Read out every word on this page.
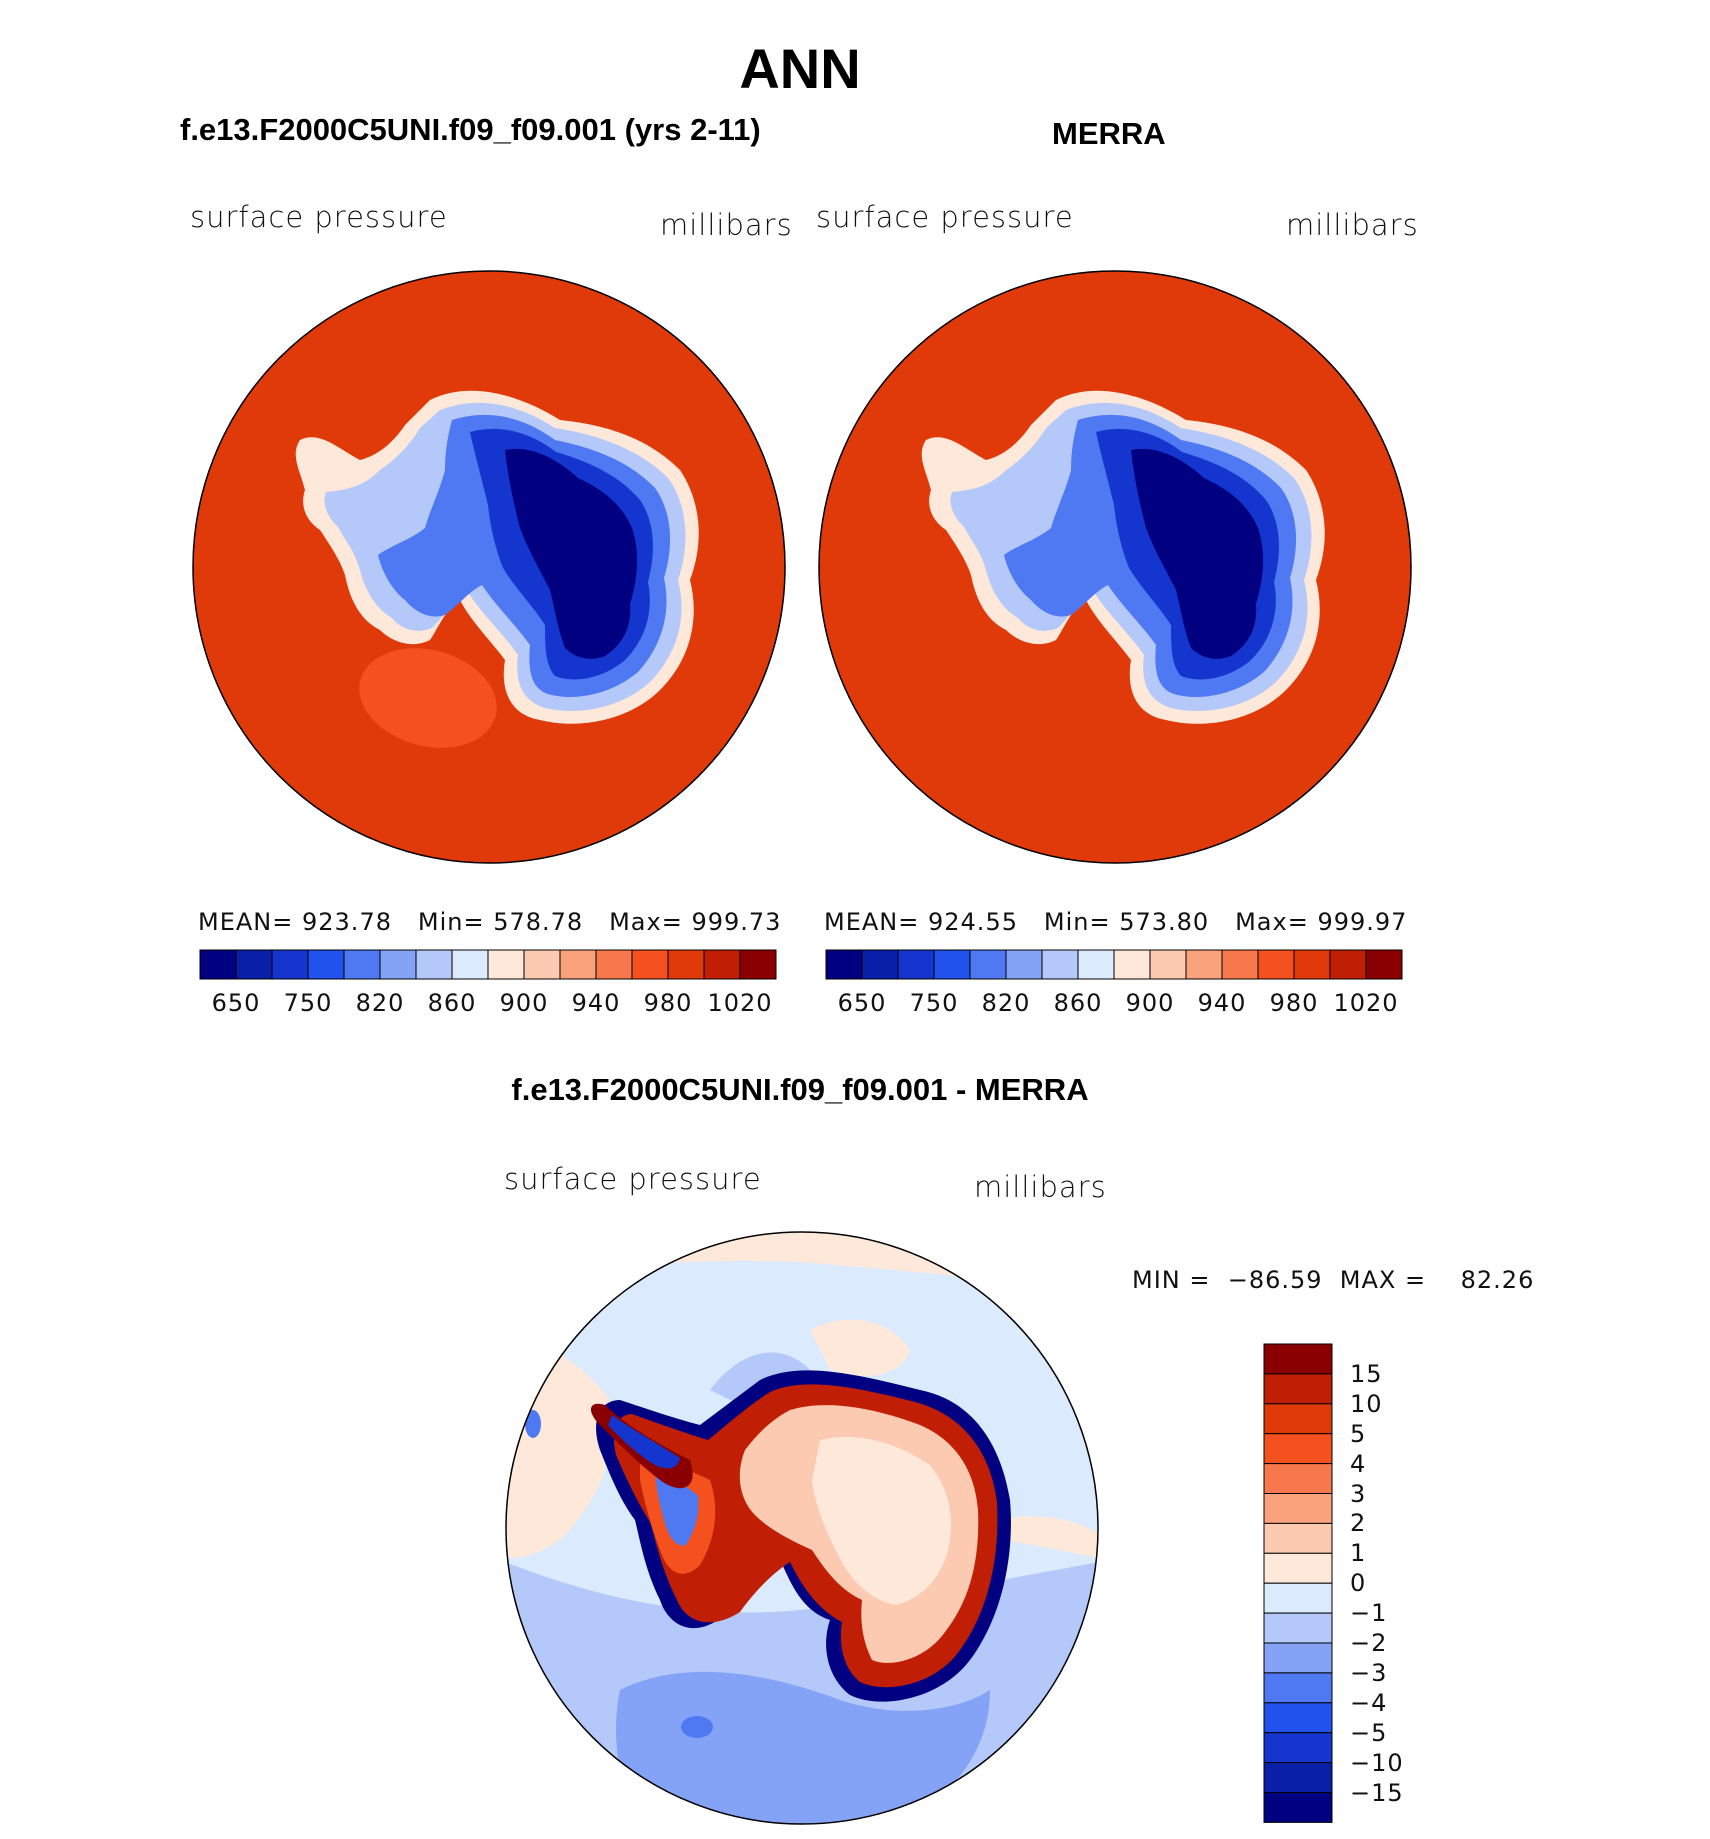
ANN
f.e13.F2000C5UNI.f09_f09.001 (yrs 2-11)	MERRA
surface pressure	millibars surface pressure	millibars
MEAN= 923.78 Min= 578.78 Max= 999.73 MEAN= 924.55 Min= 573.80 Max= 999.97
650 750 820 860 900 940 980 1020	650 750 820 860 900 940 980 1020
f.e13.F2000C5UNI.f09_f09.001 - MERRA
surface pressure	millibars
MIN =  −86.59  MAX =    82.26
15
10
5
4
3
2
1
0
−1
−2
−3
−4
−5
−10
−15
